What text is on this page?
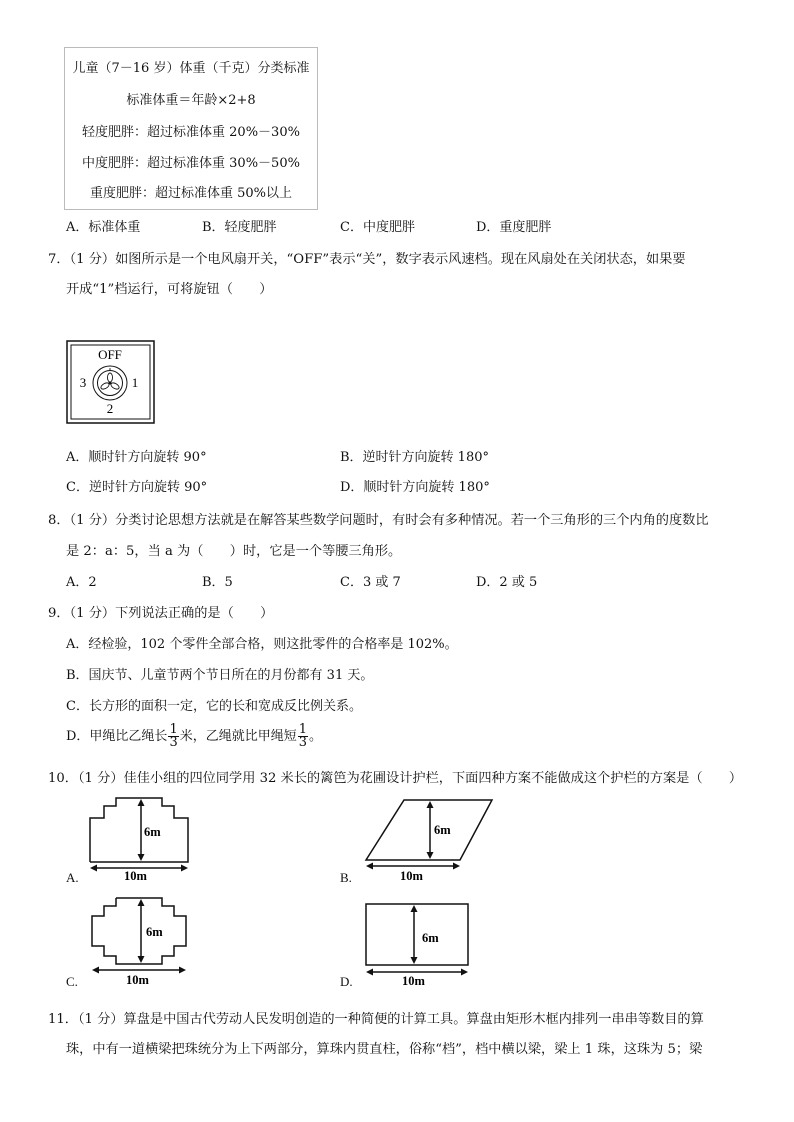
儿童（7－16 岁）体重（千克）分类标准
标准体重＝年龄×2+8
轻度肥胖：超过标准体重 20%－30%
中度肥胖：超过标准体重 30%－50%
重度肥胖：超过标准体重 50%以上
A．标准体重	B．轻度肥胖	C．中度肥胖	D．重度肥胖
7．（1 分）如图所示是一个电风扇开关，“OFF”表示“关”，数字表示风速档。现在风扇处在关闭状态，如果要
开成“1”档运行，可将旋钮（　　）
OFF
3	1
2
A．顺时针方向旋转 90°	B．逆时针方向旋转 180°
C．逆时针方向旋转 90°	D．顺时针方向旋转 180°
8．（1 分）分类讨论思想方法就是在解答某些数学问题时，有时会有多种情况。若一个三角形的三个内角的度数比
是 2：a：5，当 a 为（　　）时，它是一个等腰三角形。
A．2	B．5	C．3 或 7	D．2 或 5
9．（1 分）下列说法正确的是（　　）
A．经检验，102 个零件全部合格，则这批零件的合格率是 102%。
B．国庆节、儿童节两个节日所在的月份都有 31 天。
C．长方形的面积一定，它的长和宽成反比例关系。
D．甲绳比乙绳长 $\frac{1}{3}$ 米，乙绳就比甲绳短 $\frac{1}{3}$ 。
10．（1 分）佳佳小组的四位同学用 32 米长的篱笆为花圃设计护栏，下面四种方案不能做成这个护栏的方案是（　　）
6m
10m
A.
6m
10m
B.
6m
10m
C.
6m
10m
D.
11．（1 分）算盘是中国古代劳动人民发明创造的一种简便的计算工具。算盘由矩形木框内排列一串串等数目的算
珠，中有一道横梁把珠统分为上下两部分，算珠内贯直柱，俗称“档”，档中横以梁，梁上 1 珠，这珠为 5；梁
